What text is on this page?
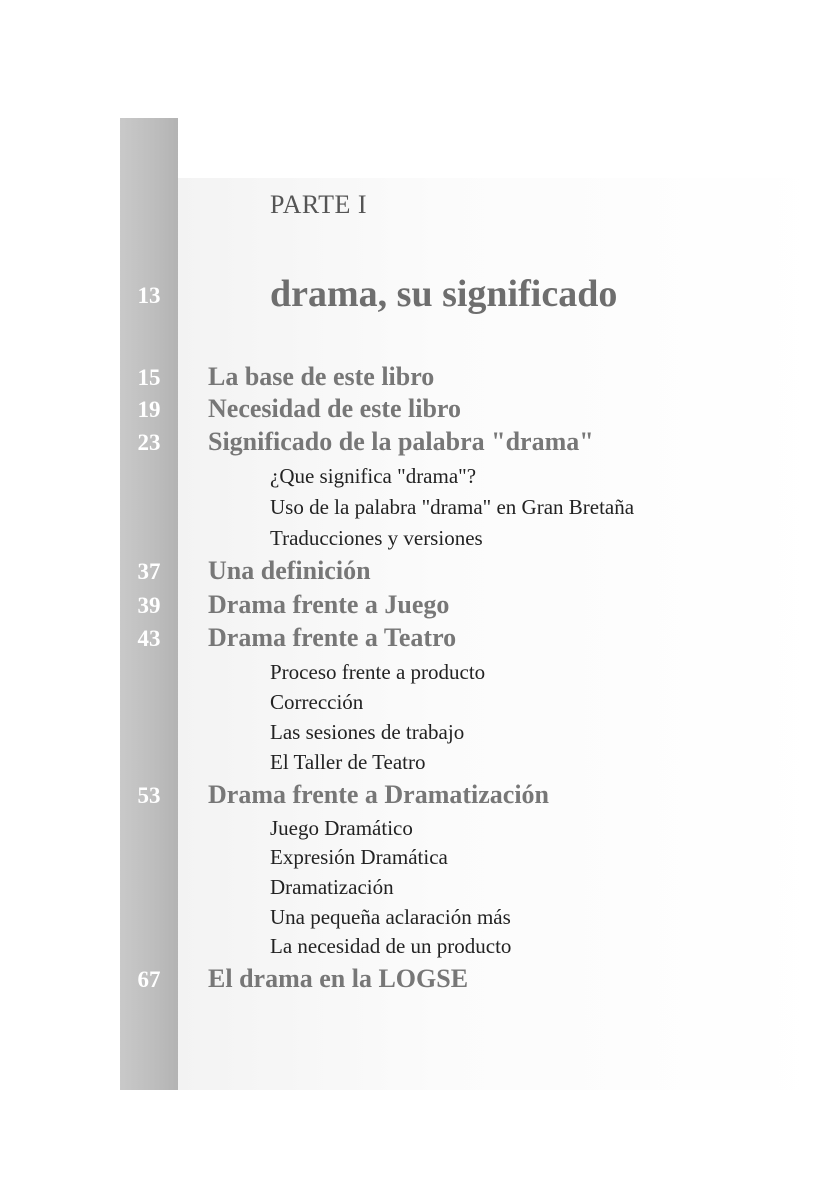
PARTE I
13	drama, su significado
15	La base de este libro
19	Necesidad de este libro
23	Significado de la palabra "drama"
¿Que significa "drama"?
Uso de la palabra "drama" en Gran Bretaña
Traducciones y versiones
37	Una definición
39	Drama frente a Juego
43	Drama frente a Teatro
Proceso frente a producto
Corrección
Las sesiones de trabajo
El Taller de Teatro
53	Drama frente a Dramatización
Juego Dramático
Expresión Dramática
Dramatización
Una pequeña aclaración más
La necesidad de un producto
67	El drama en la LOGSE
